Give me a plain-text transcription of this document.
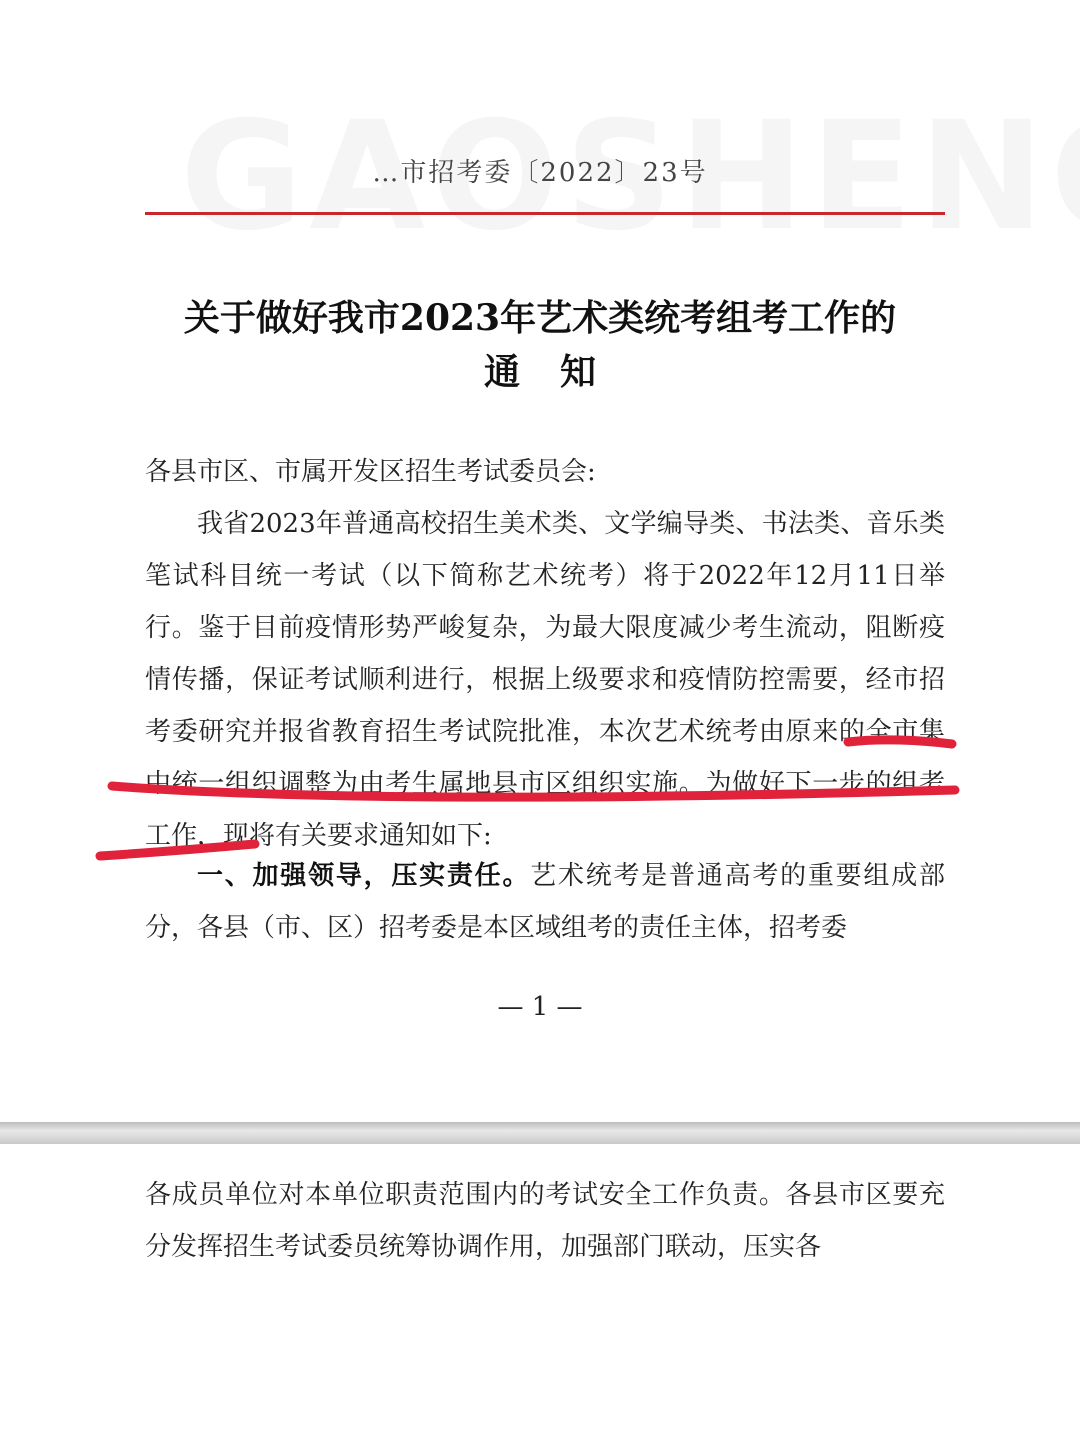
…市招考委〔2022〕23号
关于做好我市2023年艺术类统考组考工作的
通知

各县市区、市属开发区招生考试委员会:

我省2023年普通高校招生美术类、文学编导类、书法类、音乐类笔试科目统一考试（以下简称艺术统考）将于2022年12月11日举行。鉴于目前疫情形势严峻复杂，为最大限度减少考生流动，阻断疫情传播，保证考试顺利进行，根据上级要求和疫情防控需要，经市招考委研究并报省教育招生考试院批准，本次艺术统考由原来的全市集中统一组织调整为由考生属地县市区组织实施。为做好下一步的组考工作，现将有关要求通知如下:

一、加强领导，压实责任。艺术统考是普通高考的重要组成部分，各县（市、区）招考委是本区域组考的责任主体，招考委

— 1 —

各成员单位对本单位职责范围内的考试安全工作负责。各县市区要充分发挥招生考试委员统筹协调作用，加强部门联动，压实各
